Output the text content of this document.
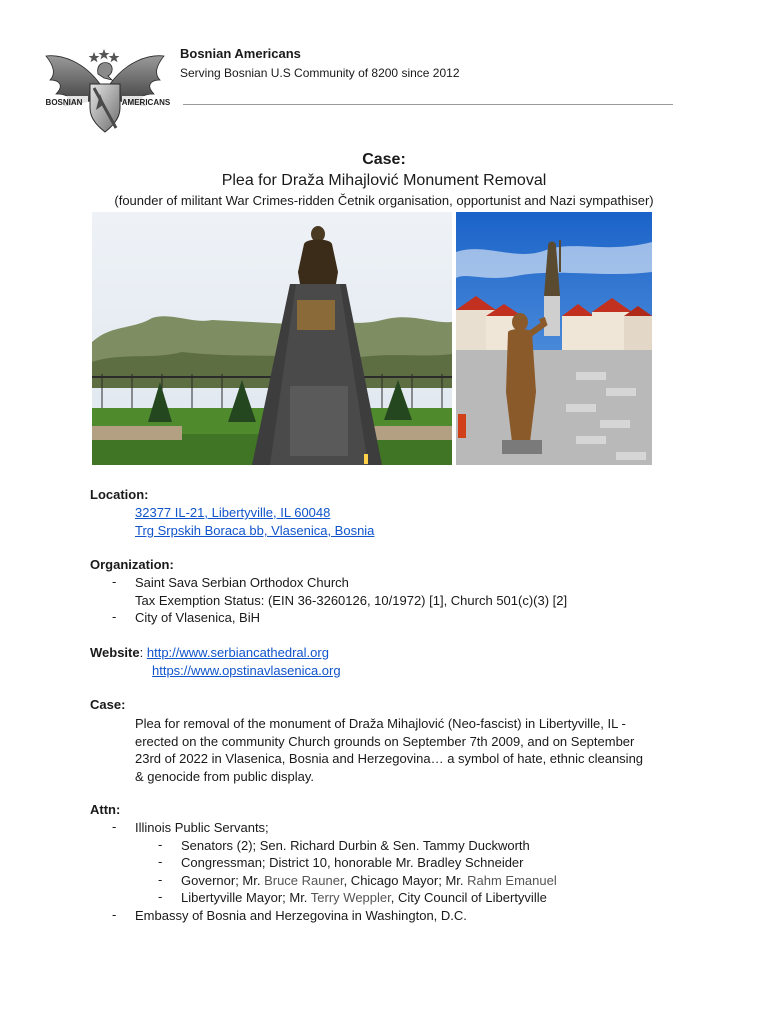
BOSNIAN	AMERICANS
Bosnian Americans
Serving Bosnian U.S Community of 8200 since 2012
Case:
Plea for Draža Mihajlović Monument Removal
(founder of militant War Crimes-ridden Četnik organisation, opportunist and Nazi sympathiser)
Location:
32377 IL-21, Libertyville, IL 60048
Trg Srpskih Boraca bb, Vlasenica, Bosnia
Organization:
- Saint Sava Serbian Orthodox Church
Tax Exemption Status: (EIN 36-3260126, 10/1972) [1], Church 501(c)(3) [2]
- City of Vlasenica, BiH
Website: http://www.serbiancathedral.org
https://www.opstinavlasenica.org
Case:
Plea for removal of the monument of Draža Mihajlović (Neo-fascist) in Libertyville, IL -
erected on the community Church grounds on September 7th 2009, and on September
23rd of 2022 in Vlasenica, Bosnia and Herzegovina… a symbol of hate, ethnic cleansing
& genocide from public display.
Attn:
- Illinois Public Servants;
- Senators (2); Sen. Richard Durbin & Sen. Tammy Duckworth
- Congressman; District 10, honorable Mr. Bradley Schneider
- Governor; Mr. Bruce Rauner, Chicago Mayor; Mr. Rahm Emanuel
- Libertyville Mayor; Mr. Terry Weppler, City Council of Libertyville
- Embassy of Bosnia and Herzegovina in Washington, D.C.
